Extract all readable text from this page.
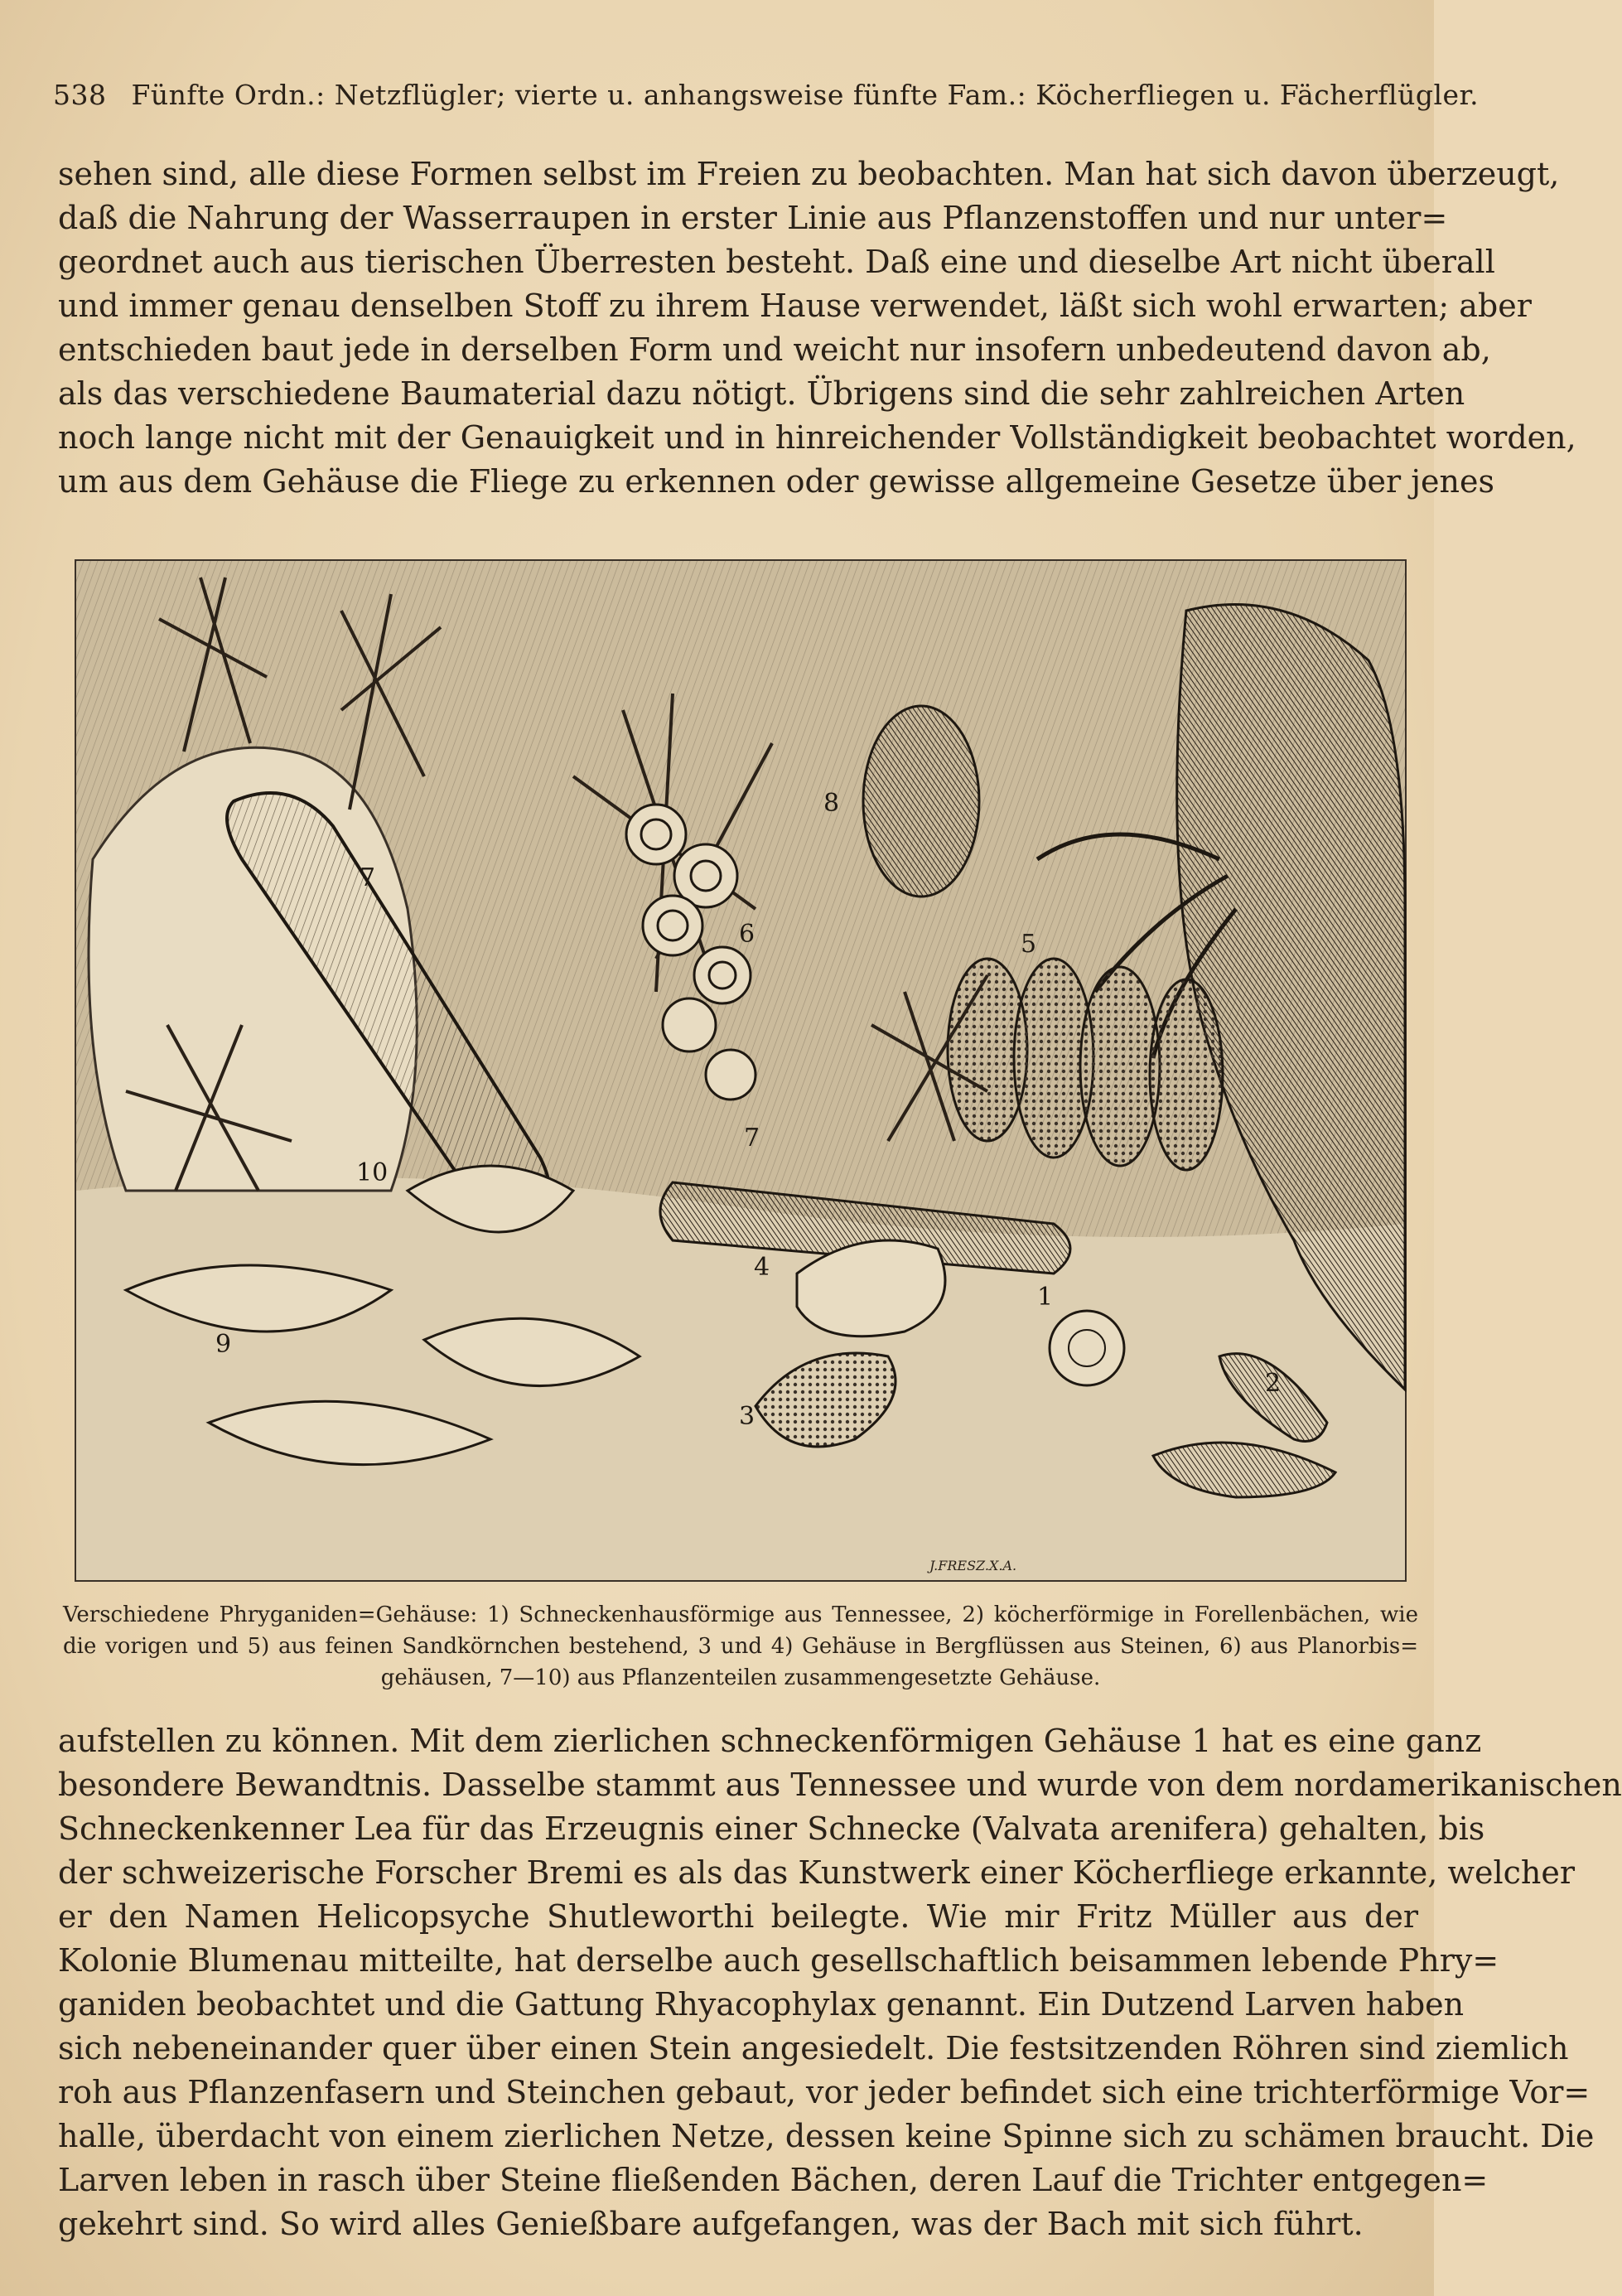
538 Fünfte Ordn.: Netzflügler; vierte u. anhangsweise fünfte Fam.: Köcherfliegen u. Fächerflügler.
sehen sind, alle diese Formen selbst im Freien zu beobachten. Man hat sich davon überzeugt,
daß die Nahrung der Wasserraupen in erster Linie aus Pflanzenstoffen und nur unter=
geordnet auch aus tierischen Überresten besteht. Daß eine und dieselbe Art nicht überall
und immer genau denselben Stoff zu ihrem Hause verwendet, läßt sich wohl erwarten; aber
entschieden baut jede in derselben Form und weicht nur insofern unbedeutend davon ab,
als das verschiedene Baumaterial dazu nötigt. Übrigens sind die sehr zahlreichen Arten
noch lange nicht mit der Genauigkeit und in hinreichender Vollständigkeit beobachtet worden,
um aus dem Gehäuse die Fliege zu erkennen oder gewisse allgemeine Gesetze über jenes
1
2
3
4
5
6
7
7
8
9
10
J.FRESZ.X.A.
Verschiedene Phryganiden=Gehäuse: 1) Schneckenhausförmige aus Tennessee, 2) köcherförmige in Forellenbächen, wie
die vorigen und 5) aus feinen Sandkörnchen bestehend, 3 und 4) Gehäuse in Bergflüssen aus Steinen, 6) aus Planorbis=
gehäusen, 7—10) aus Pflanzenteilen zusammengesetzte Gehäuse.
aufstellen zu können. Mit dem zierlichen schneckenförmigen Gehäuse 1 hat es eine ganz
besondere Bewandtnis. Dasselbe stammt aus Tennessee und wurde von dem nordamerikanischen
Schneckenkenner Lea für das Erzeugnis einer Schnecke (Valvata arenifera) gehalten, bis
der schweizerische Forscher Bremi es als das Kunstwerk einer Köcherfliege erkannte, welcher
er den Namen Helicopsyche Shutleworthi beilegte. Wie mir Fritz Müller aus der
Kolonie Blumenau mitteilte, hat derselbe auch gesellschaftlich beisammen lebende Phry=
ganiden beobachtet und die Gattung Rhyacophylax genannt. Ein Dutzend Larven haben
sich nebeneinander quer über einen Stein angesiedelt. Die festsitzenden Röhren sind ziemlich
roh aus Pflanzenfasern und Steinchen gebaut, vor jeder befindet sich eine trichterförmige Vor=
halle, überdacht von einem zierlichen Netze, dessen keine Spinne sich zu schämen braucht. Die
Larven leben in rasch über Steine fließenden Bächen, deren Lauf die Trichter entgegen=
gekehrt sind. So wird alles Genießbare aufgefangen, was der Bach mit sich führt.
